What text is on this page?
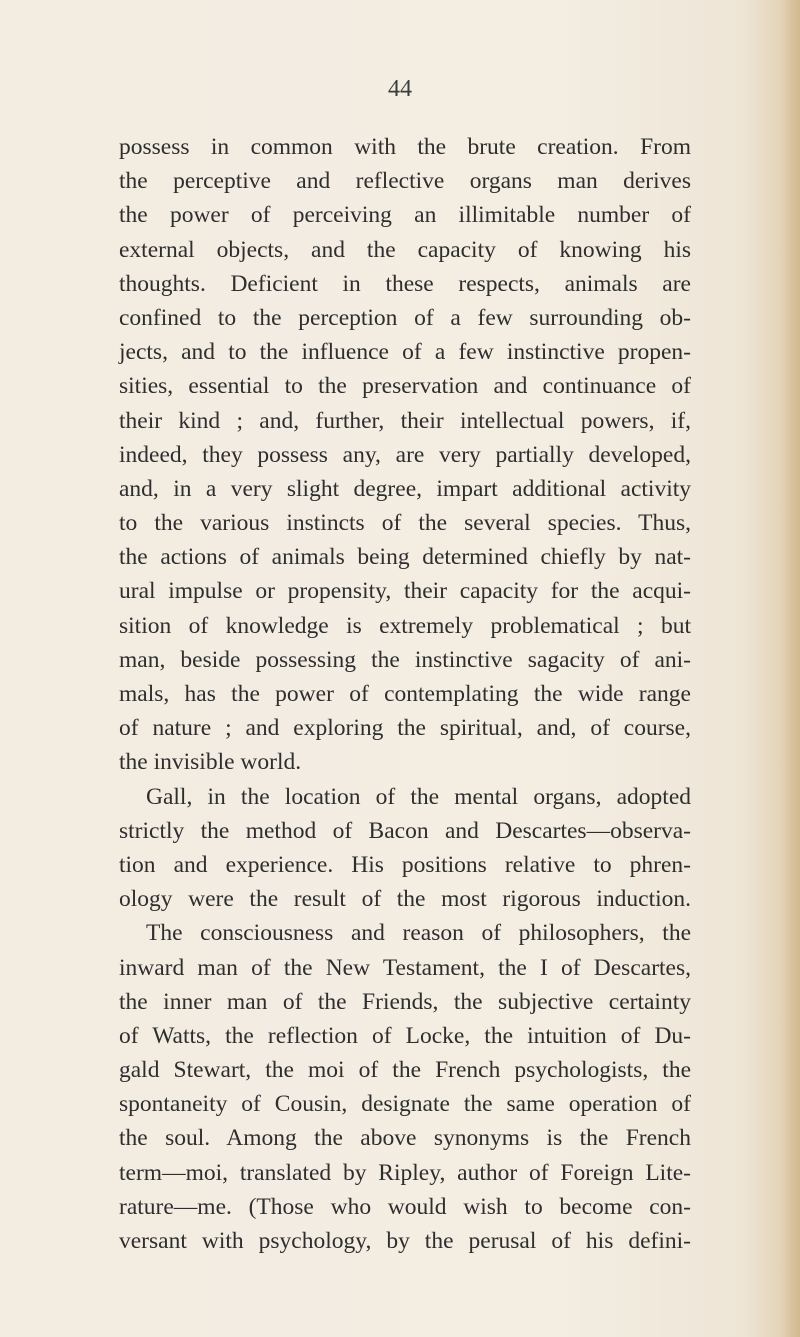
44
possess in common with the brute creation. From
the perceptive and reflective organs man derives
the power of perceiving an illimitable number of
external objects, and the capacity of knowing his
thoughts. Deficient in these respects, animals are
confined to the perception of a few surrounding ob-
jects, and to the influence of a few instinctive propen-
sities, essential to the preservation and continuance of
their kind ; and, further, their intellectual powers, if,
indeed, they possess any, are very partially developed,
and, in a very slight degree, impart additional activity
to the various instincts of the several species. Thus,
the actions of animals being determined chiefly by nat-
ural impulse or propensity, their capacity for the acqui-
sition of knowledge is extremely problematical ; but
man, beside possessing the instinctive sagacity of ani-
mals, has the power of contemplating the wide range
of nature ; and exploring the spiritual, and, of course,
the invisible world.
Gall, in the location of the mental organs, adopted
strictly the method of Bacon and Descartes—observa-
tion and experience. His positions relative to phren-
ology were the result of the most rigorous induction.
The consciousness and reason of philosophers, the
inward man of the New Testament, the I of Descartes,
the inner man of the Friends, the subjective certainty
of Watts, the reflection of Locke, the intuition of Du-
gald Stewart, the moi of the French psychologists, the
spontaneity of Cousin, designate the same operation of
the soul. Among the above synonyms is the French
term—moi, translated by Ripley, author of Foreign Lite-
rature—me. (Those who would wish to become con-
versant with psychology, by the perusal of his defini-
